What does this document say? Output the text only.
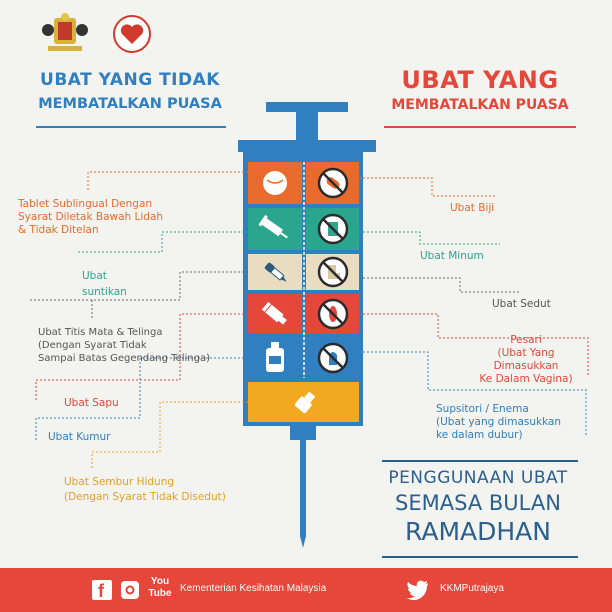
UBAT YANG TIDAK
MEMBATALKAN PUASA
UBAT YANG
MEMBATALKAN PUASA
Tablet Sublingual Dengan
Syarat Diletak Bawah Lidah
& Tidak Ditelan
Ubat
suntikan
Ubat Titis Mata & Telinga
(Dengan Syarat Tidak
Sampai Batas Gegendang Telinga)
Ubat Sapu
Ubat Kumur
Ubat Sembur Hidung
(Dengan Syarat Tidak Disedut)
Ubat Biji
Ubat Minum
Ubat Sedut
Pesari
(Ubat Yang Dimasukkan
Ke Dalam Vagina)
Supsitori / Enema
(Ubat yang dimasukkan
ke dalam dubur)
PENGGUNAAN UBAT
SEMASA BULAN
RAMADHAN
f	You Tube Kementerian Kesihatan Malaysia	KKMPutrajaya
